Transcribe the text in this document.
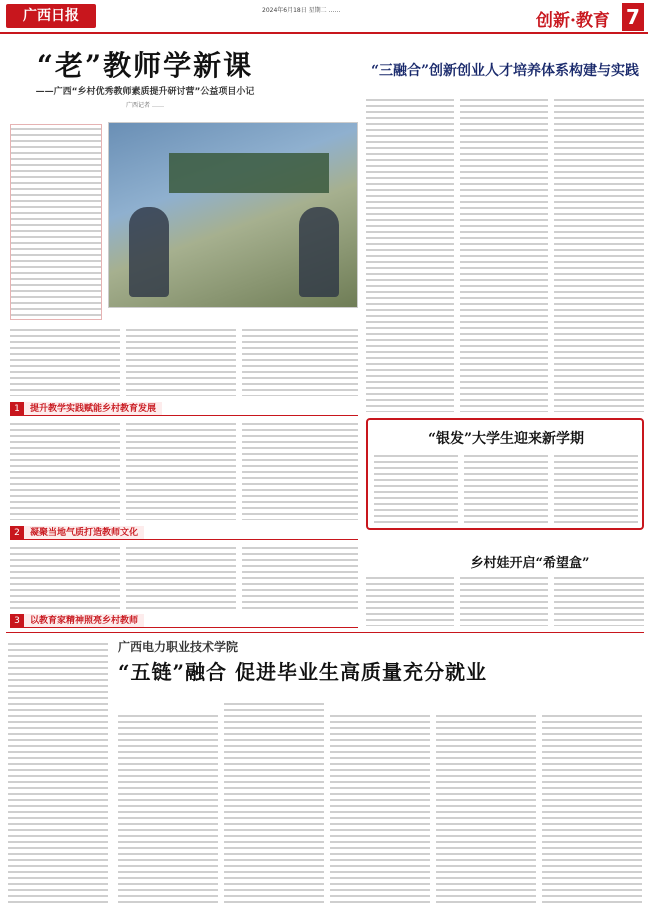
广西日报	2024年6月18日 星期二 ……
创新·教育 7
“老”教师学新课
——广西“乡村优秀教师素质提升研讨营”公益项目小记
广西记者 ……
1 提升教学实践赋能乡村教育发展
2 凝聚当地气质打造教师文化
3 以教育家精神照亮乡村教师
“三融合”创新创业人才培养体系构建与实践
“银发”大学生迎来新学期
乡村娃开启“希望盒”
广西电力职业技术学院
“五链”融合 促进毕业生高质量充分就业
